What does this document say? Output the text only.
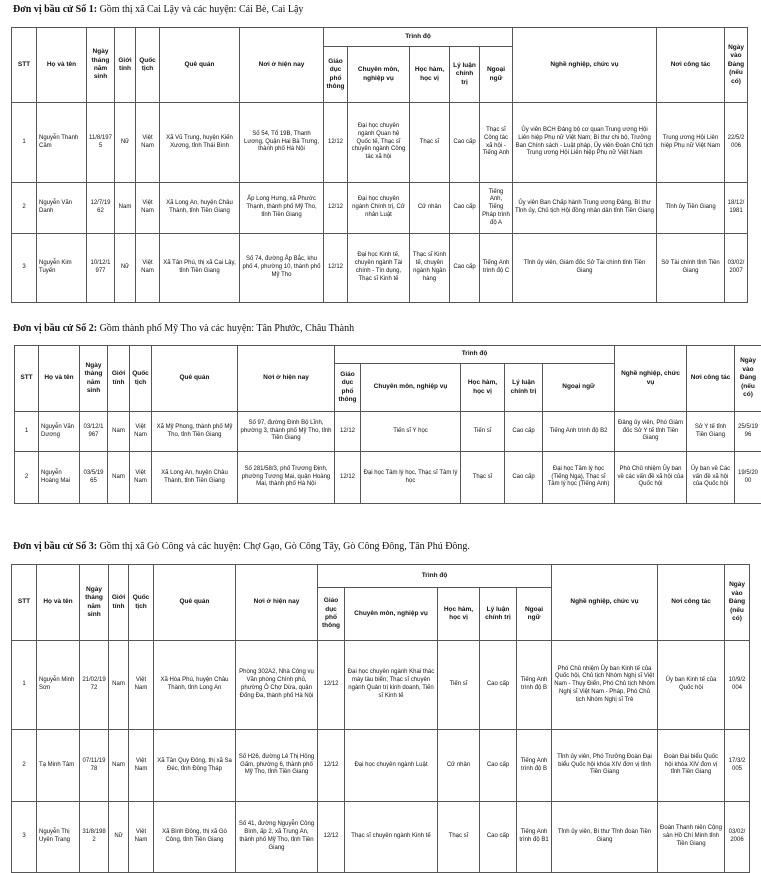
Đơn vị bầu cử Số 1: Gồm thị xã Cai Lậy và các huyện: Cái Bè, Cai Lậy
STT	Họ và tên	Ngày tháng năm sinh	Giới tính	Quốc tịch	Quê quán	Nơi ở hiện nay	Trình độ					Nghề nghiệp, chức vụ	Nơi công tác	Ngày vào Đảng (nếu có)
							Giáo dục phổ thông	Chuyên môn, nghiệp vụ	Học hàm, học vị	Lý luận chính trị	Ngoại ngữ			
1	Nguyễn Thanh Cầm	11/8/1975	Nữ	Việt Nam	Xã Vũ Trung, huyện Kiến Xương, tỉnh Thái Bình	Số 54, Tổ 19B, Thanh Lương, Quận Hai Bà Trưng, thành phố Hà Nội	12/12	Đại học chuyên ngành Quan hệ Quốc tế, Thạc sĩ chuyên ngành Công tác xã hội	Thạc sĩ	Cao cấp	Thạc sĩ Công tác xã hội - Tiếng Anh	Ủy viên BCH Đảng bộ cơ quan Trung ương Hội Liên hiệp Phụ nữ Việt Nam; Bí thư chi bộ, Trưởng Ban Chính sách - Luật pháp, Ủy viên Đoàn Chủ tịch Trung ương Hội Liên hiệp Phụ nữ Việt Nam	Trung ương Hội Liên hiệp Phụ nữ Việt Nam	22/5/2006
2	Nguyễn Văn Danh	12/7/1962	Nam	Việt Nam	Xã Long An, huyện Châu Thành, tỉnh Tiền Giang	Ấp Long Hưng, xã Phước Thạnh, thành phố Mỹ Tho, tỉnh Tiền Giang	12/12	Đại học chuyên ngành Chính trị, Cử nhân Luật	Cử nhân	Cao cấp	Tiếng Anh, Tiếng Pháp trình độ A	Ủy viên Ban Chấp hành Trung ương Đảng, Bí thư Tỉnh ủy, Chủ tịch Hội đồng nhân dân tỉnh Tiền Giang	Tỉnh ủy Tiền Giang	18/12/1981
3	Nguyễn Kim Tuyến	10/12/1977	Nữ	Việt Nam	Xã Tân Phú, thị xã Cai Lậy, tỉnh Tiền Giang	Số 74, đường Ấp Bắc, khu phố 4, phường 10, thành phố Mỹ Tho	12/12	Đại học Kinh tế, chuyên ngành Tài chính - Tín dụng, Thạc sĩ Kinh tế	Thạc sĩ Kinh tế, chuyên ngành Ngân hàng	Cao cấp	Tiếng Anh trình độ C	Tỉnh ủy viên, Giám đốc Sở Tài chính tỉnh Tiền Giang	Sở Tài chính tỉnh Tiền Giang	03/02/2007
Đơn vị bầu cử Số 2: Gồm thành phố Mỹ Tho và các huyện: Tân Phước, Châu Thành
STT	Họ và tên	Ngày tháng năm sinh	Giới tính	Quốc tịch	Quê quán	Nơi ở hiện nay	Trình độ					Nghề nghiệp, chức vụ	Nơi công tác	Ngày vào Đảng (nếu có)
							Giáo dục phổ thông	Chuyên môn, nghiệp vụ	Học hàm, học vị	Lý luận chính trị	Ngoại ngữ			
1	Nguyễn Văn Dương	03/12/1967	Nam	Việt Nam	Xã Mỹ Phong, thành phố Mỹ Tho, tỉnh Tiền Giang	Số 97, đường Đinh Bộ Lĩnh, phường 3, thành phố Mỹ Tho, tỉnh Tiền Giang	12/12	Tiến sĩ Y học	Tiến sĩ	Cao cấp	Tiếng Anh trình độ B2	Đảng ủy viên, Phó Giám đốc Sở Y tế tỉnh Tiền Giang	Sở Y tế tỉnh Tiền Giang	25/5/1996
2	Nguyễn Hoàng Mai	03/5/1965	Nam	Việt Nam	Xã Long An, huyện Châu Thành, tỉnh Tiền Giang	Số 281/58/3, phố Trương Định, phường Tương Mai, quận Hoàng Mai, thành phố Hà Nội	12/12	Đại học Tâm lý học, Thạc sĩ Tâm lý học	Thạc sĩ	Cao cấp	Đại học Tâm lý học (Tiếng Nga), Thạc sĩ Tâm lý học (Tiếng Anh)	Phó Chủ nhiệm Ủy ban về các vấn đề xã hội của Quốc hội	Ủy ban về Các vấn đề xã hội của Quốc hội	19/5/2000
Đơn vị bầu cử Số 3: Gồm thị xã Gò Công và các huyện: Chợ Gạo, Gò Công Tây, Gò Công Đông, Tân Phú Đông.
STT	Họ và tên	Ngày tháng năm sinh	Giới tính	Quốc tịch	Quê quán	Nơi ở hiện nay	Trình độ					Nghề nghiệp, chức vụ	Nơi công tác	Ngày vào Đảng (nếu có)
							Giáo dục phổ thông	Chuyên môn, nghiệp vụ	Học hàm, học vị	Lý luận chính trị	Ngoại ngữ			
1	Nguyễn Minh Sơn	21/02/1972	Nam	Việt Nam	Xã Hòa Phú, huyện Châu Thành, tỉnh Long An	Phòng 302A2, Nhà Công vụ Văn phòng Chính phủ, phường Ô Chợ Dừa, quận Đống Đa, thành phố Hà Nội	12/12	Đại học chuyên ngành Khai thác máy tàu biển; Thạc sĩ chuyên ngành Quản trị kinh doanh, Tiến sĩ Kinh tế	Tiến sĩ	Cao cấp	Tiếng Anh trình độ B	Phó Chủ nhiệm Ủy ban Kinh tế của Quốc hội, Chủ tịch Nhóm Nghị sĩ Việt Nam - Thụy Điển, Phó Chủ tịch Nhóm Nghị sĩ Việt Nam - Pháp, Phó Chủ tịch Nhóm Nghị sĩ Trẻ	Ủy ban Kinh tế của Quốc hội	10/9/2004
2	Tạ Minh Tâm	07/11/1978	Nam	Việt Nam	Xã Tân Quy Đông, thị xã Sa Đéc, tỉnh Đồng Tháp	Số H26, đường Lê Thị Hồng Gấm, phường 6, thành phố Mỹ Tho, tỉnh Tiền Giang	12/12	Đại học chuyên ngành Luật	Cử nhân	Cao cấp	Tiếng Anh trình độ B	Tỉnh ủy viên, Phó Trưởng Đoàn Đại biểu Quốc hội khóa XIV đơn vị tỉnh Tiền Giang	Đoàn Đại biểu Quốc hội khóa XIV đơn vị tỉnh Tiền Giang	17/3/2005
3	Nguyễn Thị Uyên Trang	31/8/1982	Nữ	Việt Nam	Xã Bình Đông, thị xã Gò Công, tỉnh Tiền Giang	Số 41, đường Nguyễn Công Bình, ấp 2, xã Trung An, thành phố Mỹ Tho, tỉnh Tiền Giang	12/12	Thạc sĩ chuyên ngành Kinh tế	Thạc sĩ	Cao cấp	Tiếng Anh trình độ B1	Tỉnh ủy viên, Bí thư Tỉnh đoàn Tiền Giang	Đoàn Thanh niên Cộng sản Hồ Chí Minh tỉnh Tiền Giang	03/02/2006
